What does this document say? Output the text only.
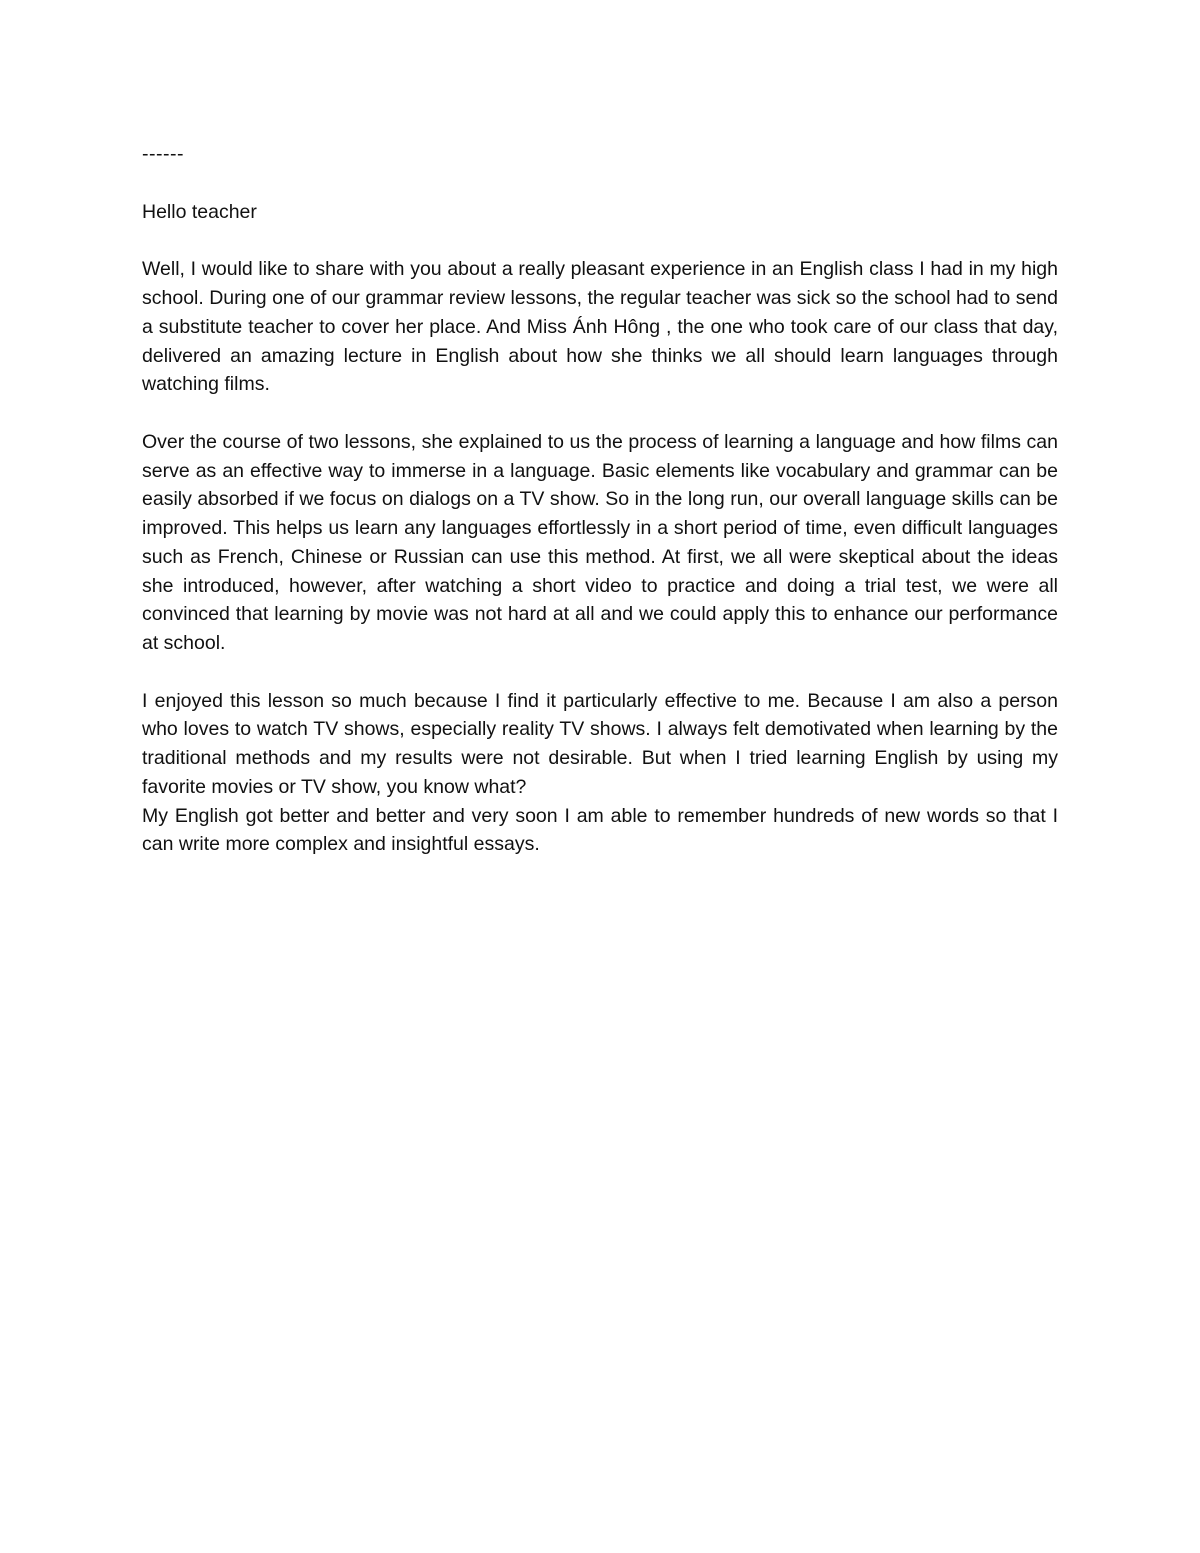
------

Hello teacher

Well, I would like to share with you about a really pleasant experience in an English class I had in my high school. During one of our grammar review lessons, the regular teacher was sick so the school had to send a substitute teacher to cover her place. And Miss Ánh Hông , the one who took care of our class that day, delivered an amazing lecture in English about how she thinks we all should learn languages through watching films.

Over the course of two lessons, she explained to us the process of learning a language and how films can serve as an effective way to immerse in a language. Basic elements like vocabulary and grammar can be easily absorbed if we focus on dialogs on a TV show. So in the long run, our overall language skills can be improved. This helps us learn any languages effortlessly in a short period of time, even difficult languages such as French, Chinese or Russian can use this method. At first, we all were skeptical about the ideas she introduced, however, after watching a short video to practice and doing a trial test, we were all convinced that learning by movie was not hard at all and we could apply this to enhance our performance at school.

I enjoyed this lesson so much because I find it particularly effective to me. Because I am also a person who loves to watch TV shows, especially reality TV shows. I always felt demotivated when learning by the traditional methods and my results were not desirable. But when I tried learning English by using my favorite movies or TV show, you know what?

My English got better and better and very soon I am able to remember hundreds of new words so that I can write more complex and insightful essays.
